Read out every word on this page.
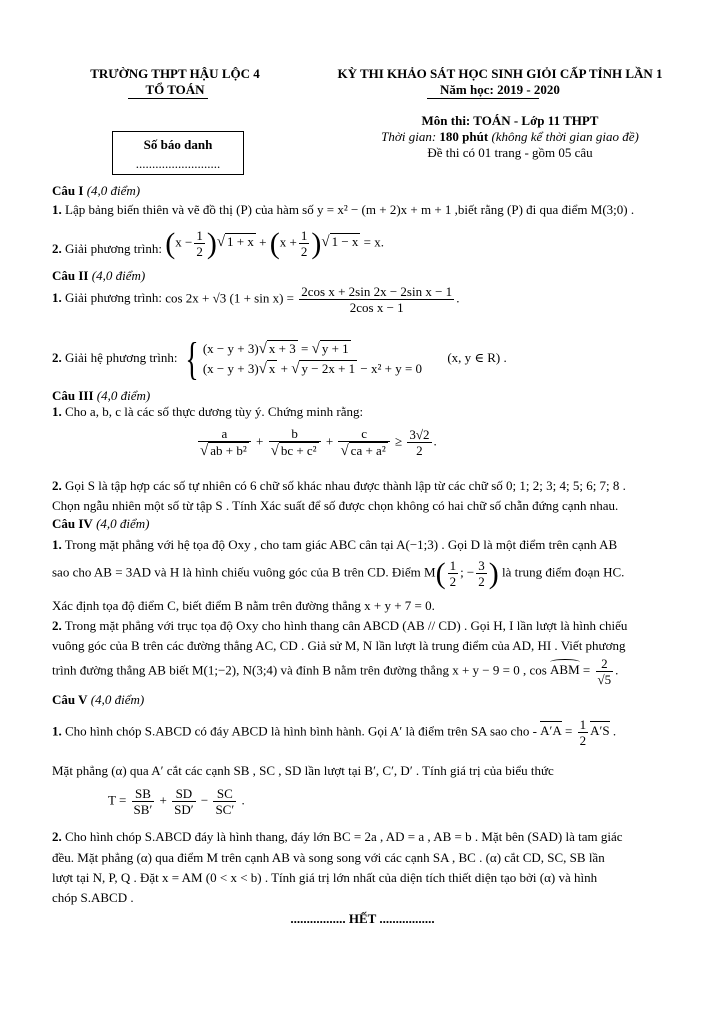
TRƯỜNG THPT HẬU LỘC 4
TỔ TOÁN
KỲ THI KHẢO SÁT HỌC SINH GIỎI CẤP TỈNH LẦN 1
Năm học: 2019 - 2020
Môn thi: TOÁN - Lớp 11 THPT
Thời gian: 180 phút (không kể thời gian giao đề)
Đề thi có 01 trang - gồm 05 câu
Số báo danh
..........................
Câu I (4,0 điểm)
1. Lập bảng biến thiên và vẽ đồ thị (P) của hàm số y = x² − (m + 2)x + m + 1 ,biết rằng (P) đi qua điểm M(3;0) .
2. Giải phương trình: ($x - \frac{1}{2}$ )√ $1 + x + (x + \frac{1}{2}$ )√ 1 − x = x.
Câu II (4,0 điểm)
1. Giải phương trình: cos 2x + √3 $(1 + \sin x) = \frac{\text{2cos x + 2sin 2x − 2sin x − 1}}{\text{2cos x − 1}}$ .
2. Giải hệ phương trình: { (x − y + 3)√ x + 3 = √ y + 1
(x − y + 3)√ x + √ y − 2x + 1 − x² + y = 0
(x, y ∈ R) .
Câu III (4,0 điểm)
1. Cho a, b, c là các số thực dương tùy ý. Chứng minh rằng:
$\frac{a}{\text{√ ab + b²}} + \frac{b}{\text{√ bc + c²}} + \frac{c}{\text{√ ca + a²}} \ge \frac{3√2}{2}$ .
2. Gọi S là tập hợp các số tự nhiên có 6 chữ số khác nhau được thành lập từ các chữ số 0; 1; 2; 3; 4; 5; 6; 7; 8 .
Chọn ngẫu nhiên một số từ tập S . Tính Xác suất để số được chọn không có hai chữ số chẵn đứng cạnh nhau.
Câu IV (4,0 điểm)
1. Trong mặt phẳng với hệ tọa độ Oxy , cho tam giác ABC cân tại A(−1;3) . Gọi D là một điểm trên cạnh AB
sao cho AB = 3AD và H là hình chiếu vuông góc của B trên CD. Điểm $M( \frac{1}{2}$ ; − $\frac{3}{2}$ ) là trung điểm đoạn HC.
Xác định tọa độ điểm C, biết điểm B nằm trên đường thẳng x + y + 7 = 0.
2. Trong mặt phẳng với trục tọa độ Oxy cho hình thang cân ABCD (AB // CD) . Gọi H, I lần lượt là hình chiếu
vuông góc của B trên các đường thẳng AC, CD . Giả sử M, N lần lượt là trung điểm của AD, HI . Viết phương
trình đường thẳng AB biết M(1;−2), N(3;4) và đỉnh B nằm trên đường thẳng x + y − 9 = 0 , cos ABM = $\frac{2}{√5}$ .
Câu V (4,0 điểm)
1. Cho hình chóp S.ABCD có đáy ABCD là hình bình hành. Gọi A′ là điểm trên SA sao cho - $A'A = \frac{1}{2} A'S$ .
Mặt phẳng (α) qua A′ cắt các cạnh SB , SC , SD lần lượt tại B′, C′, D′ . Tính giá trị của biểu thức
$T = \frac{SB}{SB'} + \frac{SD}{SD'} - \frac{SC}{SC'}$ .
2. Cho hình chóp S.ABCD đáy là hình thang, đáy lớn BC = 2a , AD = a , AB = b . Mặt bên (SAD) là tam giác
đều. Mặt phẳng (α) qua điểm M trên cạnh AB và song song với các cạnh SA , BC . (α) cắt CD, SC, SB lần
lượt tại N, P, Q . Đặt x = AM (0 < x < b) . Tính giá trị lớn nhất của diện tích thiết diện tạo bởi (α) và hình
chóp S.ABCD .
................. HẾT .................
